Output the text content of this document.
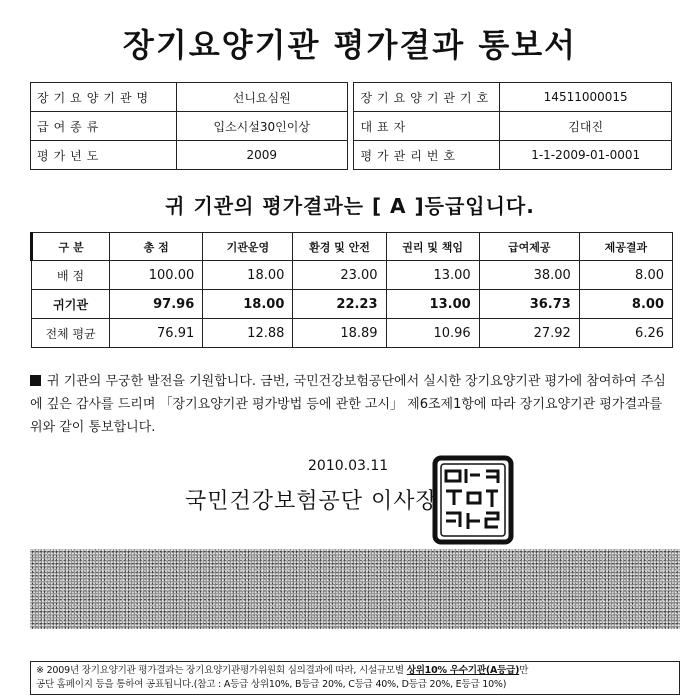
장기요양기관 평가결과 통보서
장기요양기관명	선니요심원		장기요양기관기호	14511000015
급여종류	입소시설30인이상		대표자	김대진
평가년도	2009		평가관리번호	1-1-2009-01-0001
귀 기관의 평가결과는 [ A ]등급입니다.
구 분	총 점	기관운영	환경 및 안전	권리 및 책임	급여제공	제공결과
배 점	100.00	18.00	23.00	13.00	38.00	8.00
귀기관	97.96	18.00	22.23	13.00	36.73	8.00
전체 평균	76.91	12.88	18.89	10.96	27.92	6.26
귀 기관의 무궁한 발전을 기원합니다. 금번, 국민건강보험공단에서 실시한 장기요양기관 평가에 참여하여 주심에 깊은 감사를 드리며 「장기요양기관 평가방법 등에 관한 고시」 제6조제1항에 따라 장기요양기관 평가결과를 위와 같이 통보합니다.
2010.03.11
국민건강보험공단 이사장
※ 2009년 장기요양기관 평가결과는 장기요양기관평가위원회 심의결과에 따라, 시설규모별 상위10% 우수기관(A등급)만
공단 홈페이지 등을 통하여 공표됩니다.(참고 : A등급 상위10%, B등급 20%, C등급 40%, D등급 20%, E등급 10%)
